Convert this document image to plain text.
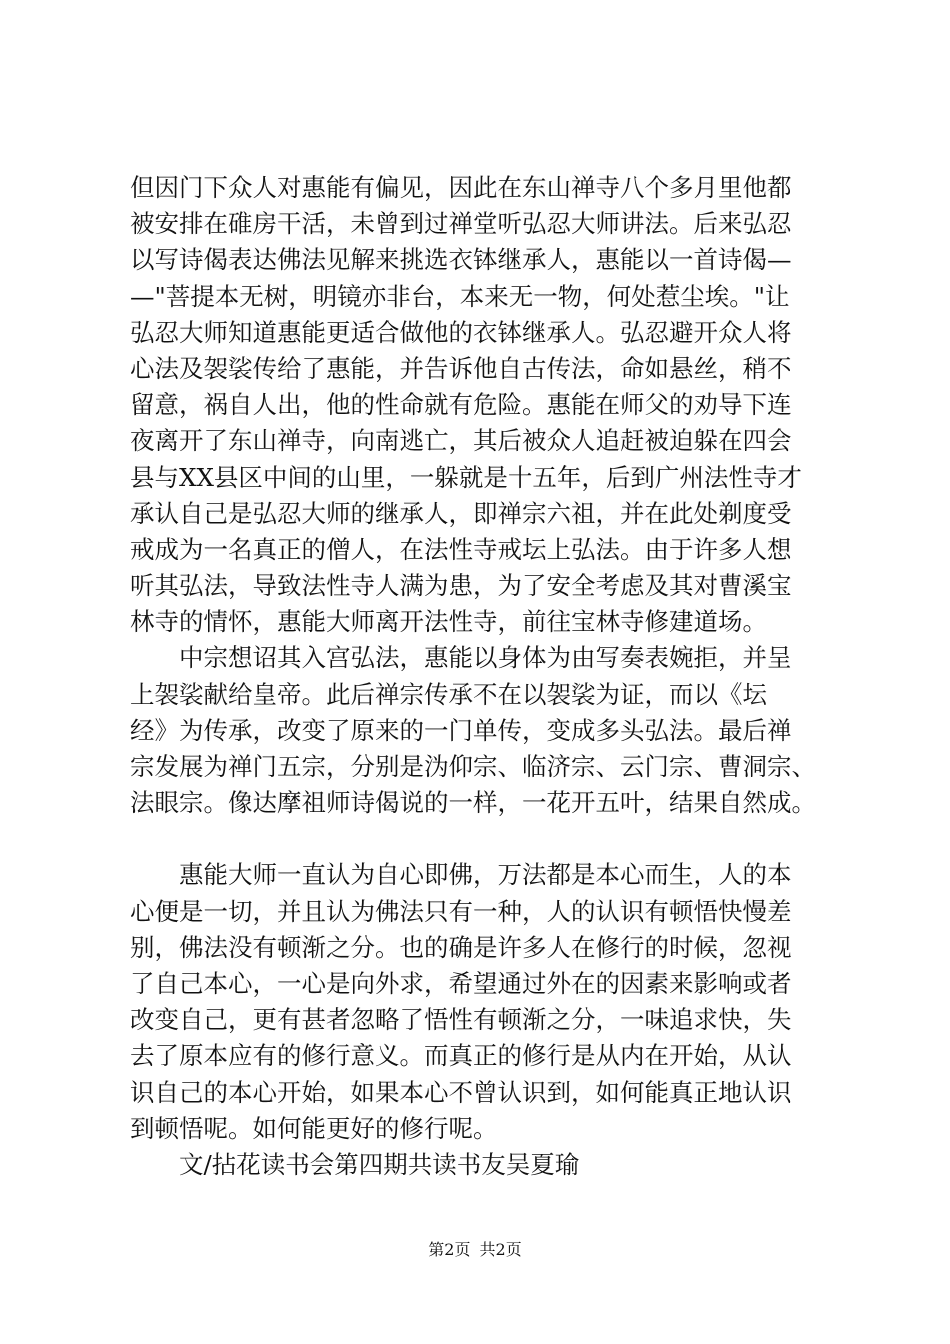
但因门下众人对惠能有偏见，因此在东山禅寺八个多月里他都
被安排在碓房干活，未曾到过禅堂听弘忍大师讲法。后来弘忍
以写诗偈表达佛法见解来挑选衣钵继承人，惠能以一首诗偈—
—"菩提本无树，明镜亦非台，本来无一物，何处惹尘埃。"让
弘忍大师知道惠能更适合做他的衣钵继承人。弘忍避开众人将
心法及袈裟传给了惠能，并告诉他自古传法，命如悬丝，稍不
留意，祸自人出，他的性命就有危险。惠能在师父的劝导下连
夜离开了东山禅寺，向南逃亡，其后被众人追赶被迫躲在四会
县与XX县区中间的山里，一躲就是十五年，后到广州法性寺才
承认自己是弘忍大师的继承人，即禅宗六祖，并在此处剃度受
戒成为一名真正的僧人，在法性寺戒坛上弘法。由于许多人想
听其弘法，导致法性寺人满为患，为了安全考虑及其对曹溪宝
林寺的情怀，惠能大师离开法性寺，前往宝林寺修建道场。
　　中宗想诏其入宫弘法，惠能以身体为由写奏表婉拒，并呈
上袈裟献给皇帝。此后禅宗传承不在以袈裟为证，而以《坛
经》为传承，改变了原来的一门单传，变成多头弘法。最后禅
宗发展为禅门五宗，分别是沩仰宗、临济宗、云门宗、曹洞宗、
法眼宗。像达摩祖师诗偈说的一样，一花开五叶，结果自然成。
　　惠能大师一直认为自心即佛，万法都是本心而生，人的本
心便是一切，并且认为佛法只有一种，人的认识有顿悟快慢差
别，佛法没有顿渐之分。也的确是许多人在修行的时候，忽视
了自己本心，一心是向外求，希望通过外在的因素来影响或者
改变自己，更有甚者忽略了悟性有顿渐之分，一味追求快，失
去了原本应有的修行意义。而真正的修行是从内在开始，从认
识自己的本心开始，如果本心不曾认识到，如何能真正地认识
到顿悟呢。如何能更好的修行呢。
　　文/拈花读书会第四期共读书友吴夏瑜
第2页 共2页
